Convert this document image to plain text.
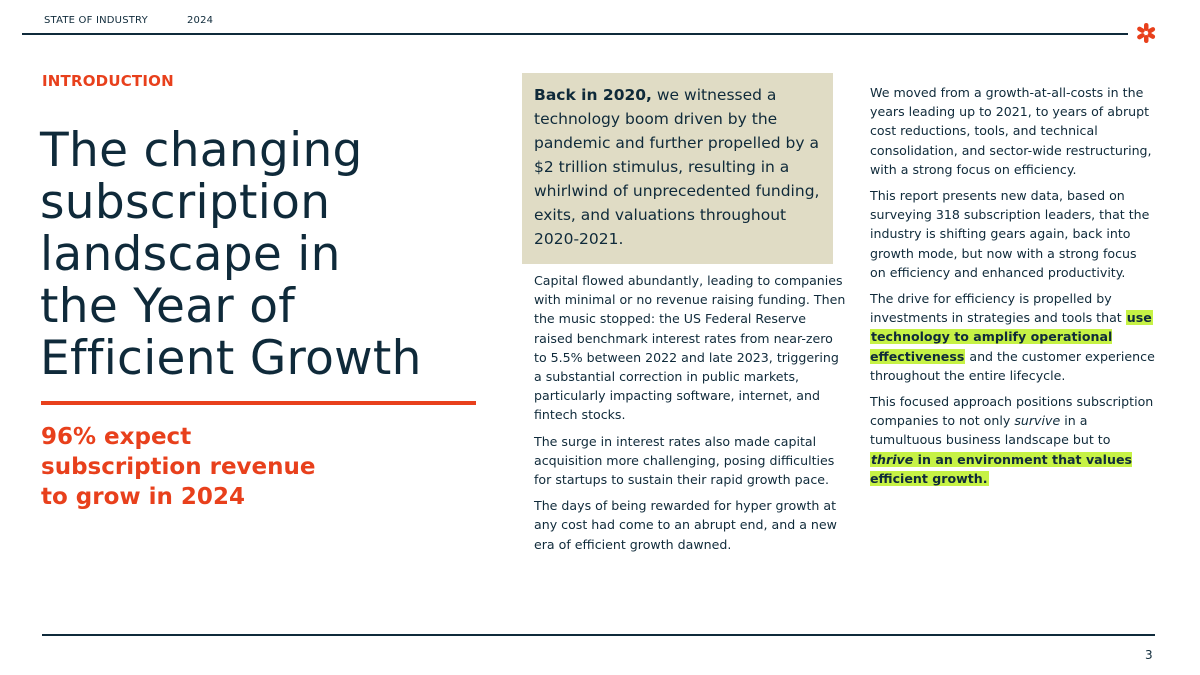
STATE OF INDUSTRY	2024
INTRODUCTION
The changing
subscription
landscape in
the Year of
Efficient Growth
96% expect
subscription revenue
to grow in 2024
Back in 2020, we witnessed a technology boom driven by the pandemic and further propelled by a $2 trillion stimulus, resulting in a whirlwind of unprecedented funding, exits, and valuations throughout 2020-2021.

Capital flowed abundantly, leading to companies with minimal or no revenue raising funding. Then the music stopped: the US Federal Reserve raised benchmark interest rates from near-zero to 5.5% between 2022 and late 2023, triggering a substantial correction in public markets, particularly impacting software, internet, and fintech stocks.

The surge in interest rates also made capital acquisition more challenging, posing difficulties for startups to sustain their rapid growth pace.

The days of being rewarded for hyper growth at any cost had come to an abrupt end, and a new era of efficient growth dawned.

We moved from a growth-at-all-costs in the years leading up to 2021, to years of abrupt cost reductions, tools, and technical consolidation, and sector-wide restructuring, with a strong focus on efficiency.

This report presents new data, based on surveying 318 subscription leaders, that the industry is shifting gears again, back into growth mode, but now with a strong focus on efficiency and enhanced productivity.

The drive for efficiency is propelled by investments in strategies and tools that use technology to amplify operational effectiveness and the customer experience throughout the entire lifecycle.

This focused approach positions subscription companies to not only survive in a tumultuous business landscape but to thrive in an environment that values efficient growth.

3
